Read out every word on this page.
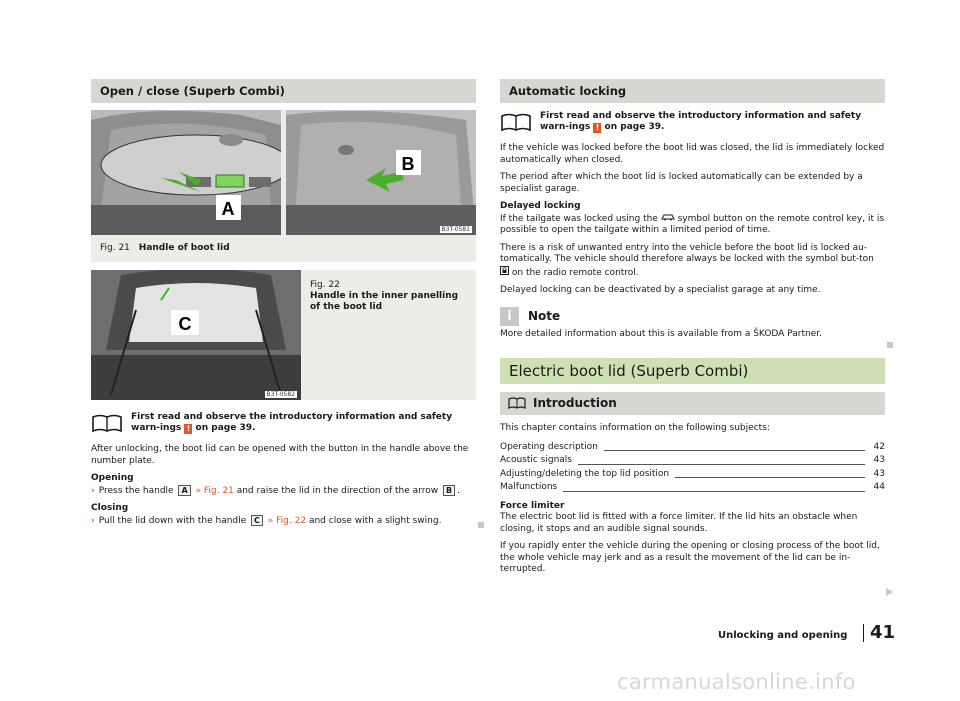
Open / close (Superb Combi)
A
B
B3T-0581
Fig. 21 Handle of boot lid
C
B3T-0582
Fig. 22
Handle in the inner panelling of the boot lid
First read and observe the introductory information and safety warn-ings ! on page 39.

After unlocking, the boot lid can be opened with the button in the handle above the number plate.

Opening

› Press the handle A » Fig. 21 and raise the lid in the direction of the arrow B .

Closing

› Pull the lid down with the handle C » Fig. 22 and close with a slight swing.

Automatic locking
First read and observe the introductory information and safety warn-ings ! on page 39.

If the vehicle was locked before the boot lid was closed, the lid is immediately locked automatically when closed.

The period after which the boot lid is locked automatically can be extended by a specialist garage.

Delayed locking

If the tailgate was locked using the symbol button on the remote control key, it is possible to open the tailgate within a limited period of time.

There is a risk of unwanted entry into the vehicle before the boot lid is locked au-tomatically. The vehicle should therefore always be locked with the symbol but-ton  on the radio remote control.

Delayed locking can be deactivated by a specialist garage at any time.

i	Note

More detailed information about this is available from a ŠKODA Partner.

Electric boot lid (Superb Combi)
Introduction

This chapter contains information on the following subjects:

Operating description	42
Acoustic signals	43
Adjusting/deleting the top lid position	43
Malfunctions	44
Force limiter

The electric boot lid is fitted with a force limiter. If the lid hits an obstacle when closing, it stops and an audible signal sounds.

If you rapidly enter the vehicle during the opening or closing process of the boot lid, the whole vehicle may jerk and as a result the movement of the lid can be in-terrupted.

Unlocking and opening 41
carmanualsonline.info
